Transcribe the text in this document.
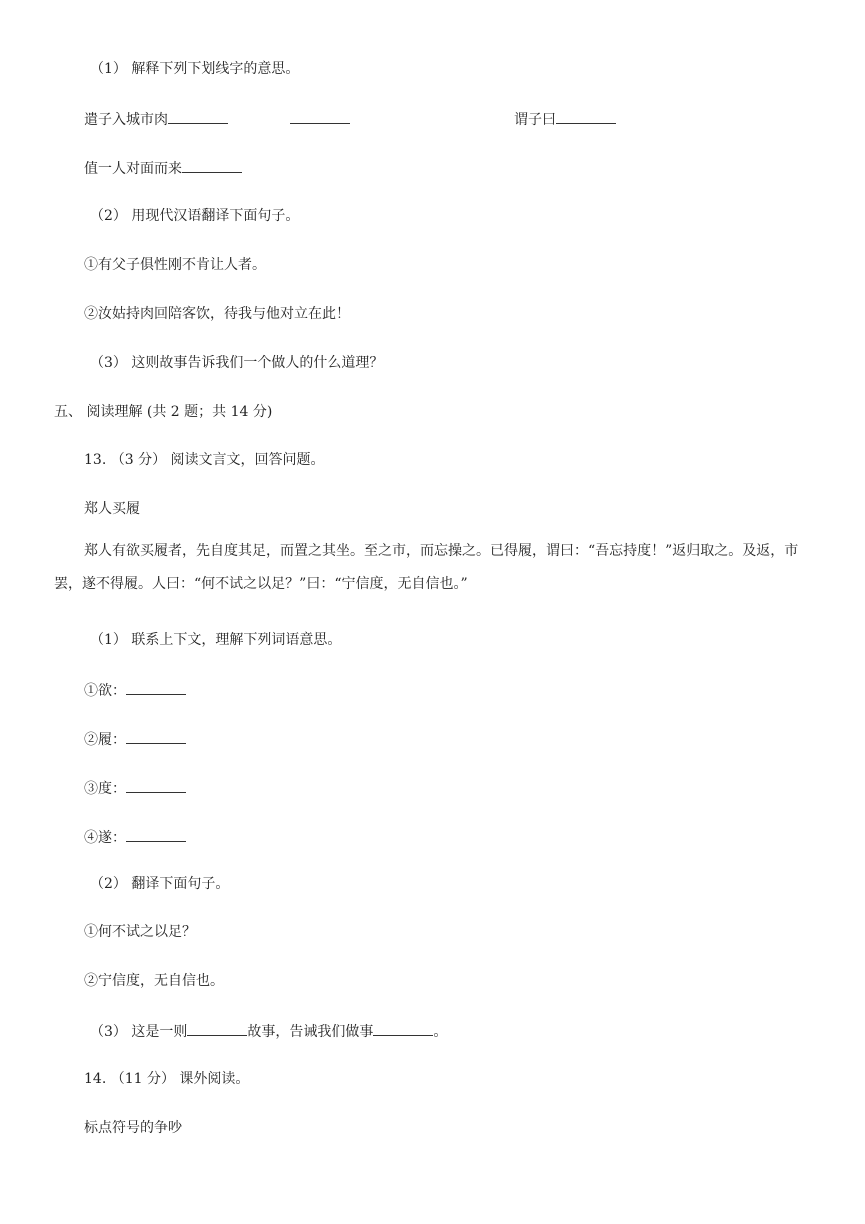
（1） 解释下列下划线字的意思。
遣子入城市肉	谓子曰
值一人对面而来
（2） 用现代汉语翻译下面句子。
①有父子俱性刚不肯让人者。
②汝姑持肉回陪客饮，待我与他对立在此！
（3） 这则故事告诉我们一个做人的什么道理？
五、 阅读理解 (共 2 题；共 14 分)
13. （3 分） 阅读文言文，回答问题。
郑人买履
郑人有欲买履者，先自度其足，而置之其坐。至之市，而忘操之。已得履，谓曰：“吾忘持度！”返归取之。及返，市罢，遂不得履。人曰：“何不试之以足？”曰：“宁信度，无自信也。”
（1） 联系上下文，理解下列词语意思。
①欲：
②履：
③度：
④遂：
（2） 翻译下面句子。
①何不试之以足？
②宁信度，无自信也。
（3） 这是一则	故事，告诫我们做事	。
14. （11 分） 课外阅读。
标点符号的争吵
